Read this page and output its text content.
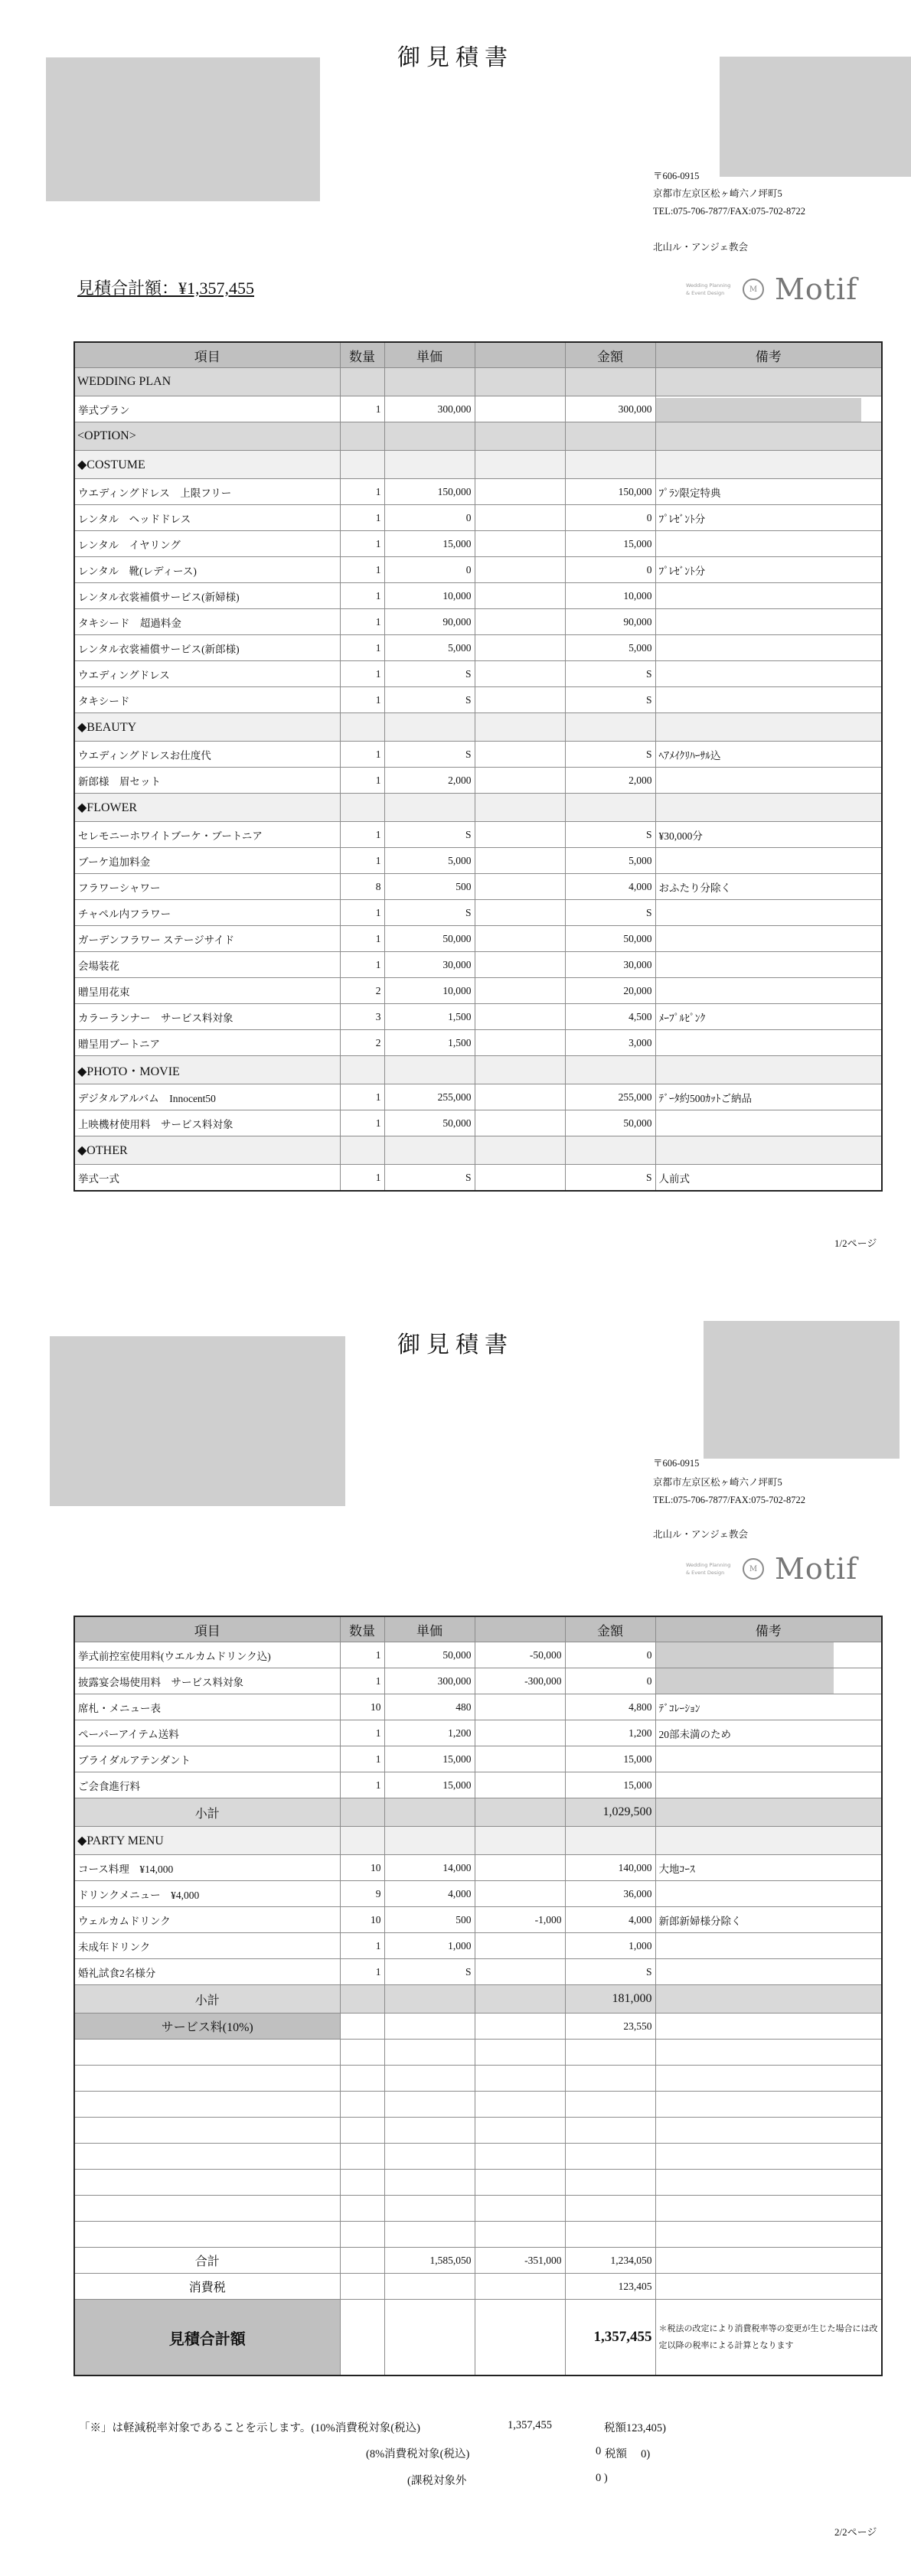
御見積書
〒606-0915
京都市左京区松ヶ崎六ノ坪町5
TEL:075-706-7877/FAX:075-702-8722
北山ル・アンジェ教会
見積合計額：¥1,357,455	Wedding Planning
& Event Design	M Motif
項目	数量	単価		金額	備考
WEDDING PLAN					
挙式プラン	1	300,000		300,000	

<OPTION>					
◆COSTUME					
ウエディングドレス　上限フリー	1	150,000		150,000	ﾌﾟﾗﾝ限定特典
レンタル　ヘッドドレス	1	0		0	ﾌﾟﾚｾﾞﾝﾄ分
レンタル　イヤリング	1	15,000		15,000	
レンタル　靴(レディース)	1	0		0	ﾌﾟﾚｾﾞﾝﾄ分
レンタル衣裳補償サービス(新婦様)	1	10,000		10,000	
タキシード　超過料金	1	90,000		90,000	
レンタル衣裳補償サービス(新郎様)	1	5,000		5,000	
ウエディングドレス	1	S		S	
タキシード	1	S		S	
◆BEAUTY					
ウエディングドレスお仕度代	1	S		S	ﾍｱﾒｲｸﾘﾊｰｻﾙ込
新郎様　眉セット	1	2,000		2,000	
◆FLOWER					
セレモニーホワイトブーケ・ブートニア	1	S		S	¥30,000分
ブーケ追加料金	1	5,000		5,000	
フラワーシャワー	8	500		4,000	おふたり分除く
チャペル内フラワー	1	S		S	
ガーデンフラワー ステージサイド	1	50,000		50,000	
会場装花	1	30,000		30,000	
贈呈用花束	2	10,000		20,000	
カラーランナー　サービス料対象	3	1,500		4,500	ﾒｰﾌﾟﾙﾋﾟﾝｸ
贈呈用ブートニア	2	1,500		3,000	
◆PHOTO・MOVIE					
デジタルアルバム　Innocent50	1	255,000		255,000	ﾃﾞｰﾀ約500ｶｯﾄご納品
上映機材使用料　サービス料対象	1	50,000		50,000	
◆OTHER					
挙式一式	1	S		S	人前式
1/2ページ
御見積書
〒606-0915
京都市左京区松ヶ崎六ノ坪町5
TEL:075-706-7877/FAX:075-702-8722
北山ル・アンジェ教会
Wedding Planning
& Event Design	M Motif
項目	数量	単価		金額	備考
挙式前控室使用料(ウエルカムドリンク込)	1	50,000	-50,000	0	

披露宴会場使用料　サービス料対象	1	300,000	-300,000	0	

席札・メニュー表	10	480		4,800	ﾃﾞｺﾚｰｼｮﾝ
ペーパーアイテム送料	1	1,200		1,200	20部未満のため
ブライダルアテンダント	1	15,000		15,000	
ご会食進行料	1	15,000		15,000	
小計				1,029,500	
◆PARTY MENU					
コース料理　¥14,000	10	14,000		140,000	大地ｺｰｽ
ドリンクメニュー　¥4,000	9	4,000		36,000	
ウェルカムドリンク	10	500	-1,000	4,000	新郎新婦様分除く
未成年ドリンク	1	1,000		1,000	
婚礼試食2名様分	1	S		S	
小計				181,000	
サービス料(10%)				23,550	

合計		1,585,050	-351,000	1,234,050	
消費税				123,405	
見積合計額				1,357,455	＊税法の改定により消費税率等の変更が生じた場合には改定以降の税率による計算となります
「※」は軽減税率対象であることを示します。(10%消費税対象(税込)	1,357,455	税額123,405)
(8%消費税対象(税込)	0 税額　 0)
(課税対象外	0 )
2/2ページ
